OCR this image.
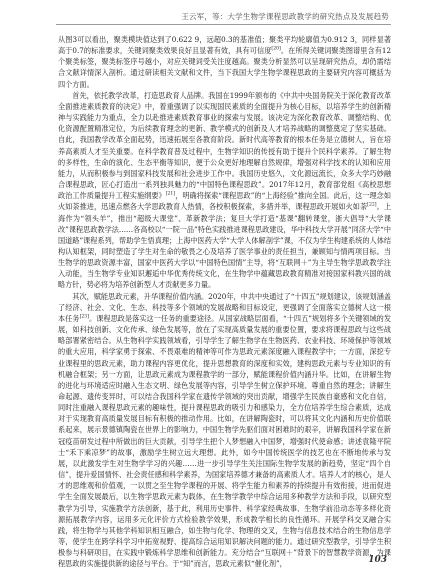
王云军，等：大学生物学课程思政教学的研究热点及发展趋势

从图3可以看出，聚类模块值达到了0.622 9，远超0.3的基准值；聚类平均轮廓值为0.912 3，同样显著高于0.7的标准要求，关键词聚类效果良好且显著有效，具有可信度[20]。在所得关键词聚类图谱里含有12个聚类标签，聚类标签序号越小，对应关键词受关注度越高。聚类分析显然可以呈现研究热点，却仍需结合文献详情深入剖析。通过研读相关文献和文件，当下我国大学生物学课程思政的主要研究内容可概括为四个方面。

首先，依托教学改革，打造思政育人品牌。我国在1999年颁布的《中共中央国务院关于深化教育改革全面推进素质教育的决定》中，着重强调了以实现国民素质的全面提升为核心目标，以培养学生的创新精神与实践能力为重点，全力以赴推进素质教育事业的探索与发展。该决定为深化教育改革、调整结构、优化资源配置精准定位，为后续教育理念的更新、教学模式的创新及人才培养战略的调整奠定了坚实基础。自此，我国教学改革全面起势，迅速拓展至各教育阶段。新时代高等教育的根本任务是立德树人，旨在培养高素质人才至关重要。在科学教育普及过程中，生物学知识的传授有助于提升个民科学素养。了解生物的多样性，生命的演化、生态平衡等知识，便于公众更好地理解自然规律，增强对科学技术的认知和应用能力，从而积极参与到国家科技发展和社会进步工作中。我国历史悠久，文化源远流长，众多大学巧妙融合课程思政，匠心打造出一系列独具魅力的“中国特色课程思政”。2017年12月，教育部党组《高校思想政治工作质量提升工程实施纲要》[21]，明确将探索“课程思政”的“上海经验”推向全国。此后，这一理念如火如荼推进，迅速点燃各大学思政教育人热情，各校积极探索，多措并举，课程思政开展如火如荼[22]。上海作为“领头羊”，推出“超级大课堂”、革新教学法；复旦大学打造“基课”翻转课堂，浙大倡导“大学课改”课程思政教学法……各高校以“一院一品”特色实践推进课程思政建设，华中科技大学开展“同济大学“中国道路”课程系列，帮助学生悟真理；上海中医药大学“大学人体解剖学”课，不仅为学生构建系统的人体结构认知框架，同时塑造了学生对生命的敬畏之心及培养了医学事业的责任担当，兼顾知与情两项目标。当生物学的思政资源丰富，国家中医药大学以“中国特色国情”主导，将“互联网＋”为主导生物学思政教学注入动能，当生物学专业知识邂逅中华优秀传统文化，在生物学中蕴藏思政教育精准对接国家科教兴国的战略方针，势必将为培养创新型人才贡献更多力量。

其次，赋能思政元素，升华课程价值内涵。2020年，中共中央通过了“十四五”规划建议，该规划涵盖了经济、社会、文化、生态、科技等多个领域的发展战略和目标设定，更强调了全面落实立德树人这一根本任务[23]。课程思政是落实这一任务的重要途径。从国家战略层面看，“十四五”规划将多个关键领域的发展，如科技创新、文化传承、绿色发展等，放在了实现高质量发展的重要位置，要求将课程思政与这些战略部署紧密结合。从生物科学实践领域看，引导学生了解生物学在生物医药、农业科技、环境保护等领域的重大应用，科学家勇于探索、不畏艰难的精神等可作为思政元素深度融入课程教学中；一方面，深挖专业课程里的思政元素，助力课程内容更优化，提升思想教育的深度和实效，建构思政元素与专业知识的有机融合框架；另一方面，让思政元素成为课程教学的一部分，赋能课程价值内涵升华。比如，在讲解生物的进化与环境适应时融入生态文明、绿色发展等内容，引导学生树立保护环境、尊重自然的理念；讲解生命起源、遗传变异时，可以结合我国科学家在遗传学领域的突出贡献，增强学生民族自豪感和文化自信，同时注重融入课程思政元素的趣味性，提升课程思政的吸引力和感染力，全方位培养学生综合素质，达成对于实现教育高质量发展目标有积极的推动作用。比如，在讲解陶瓷时，可以将其文化内涵和历史价值联系起来，展示景德镇陶瓷在世界上的影响力，中国生物学先驱们面对困难时的艰辛，讲解我国科学家在新冠疫苗研发过程中所做出的巨大贡献，引导学生把个人梦想融入中国梦，增强时代使命感；讲述袁隆平院士“禾下乘凉梦”的故事，激励学生树立远大理想。此外，如今中国传统医学的技艺也在不断地传承与发展，以此激发学生对生物学学习的兴趣……进一步引导学生关注国际生物学发展的新趋势，坚定“四个自信”，提升爱国情怀、社会责任感和科学素养，为国家培养德才兼备的高素质人才。培养人才的核心，是人才的思维观和价值观，一以贯之至生物学课程的开展、将学生能力和素养的持续提升有效衔接，进而促进学生全面发展最后，以生物学思政元素为载体，在生物学教学中综合运用多种教学方法和手段，以研究型教学为引导，实施教学方法创新，基于此，利用历史事件、科学家经典故事、生物学前沿动态等多样化资源拓展教学内容，运用多元化评价方式检验教学效果，形成教学相长的良性循环。开展学科交叉融合实践，将生物学与其他学科知识相互融合，如生物与化学、物理的交叉，生物与信息技术结合的生物信息学等，使学生在跨学科学习中拓宽视野、提高综合运用知识解决问题的能力。通过研究型教学，引导学生积极参与科研项目，在实践中锻炼科学思维和创新能力。充分结合“互联网＋”背景下的智慧教学资源，为课程思政的实施提供新的途径与平台。于“知”而言，思政元素似“催化剂”，	103
